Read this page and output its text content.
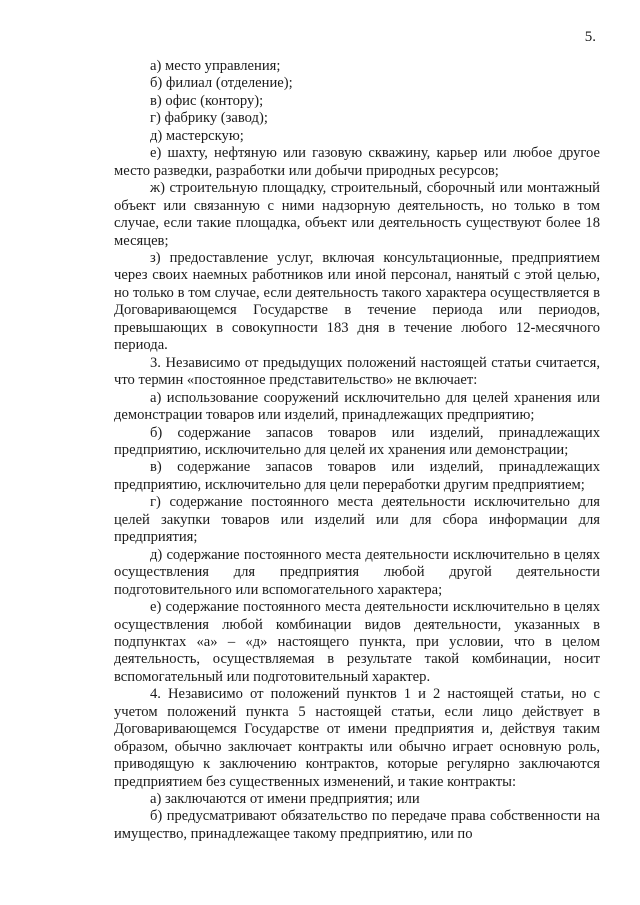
5.

а) место управления;

б) филиал (отделение);

в) офис (контору);

г) фабрику (завод);

д) мастерскую;

е) шахту, нефтяную или газовую скважину, карьер или любое другое место разведки, разработки или добычи природных ресурсов;

ж) строительную площадку, строительный, сборочный или монтажный объект или связанную с ними надзорную деятельность, но только в том случае, если такие площадка, объект или деятельность существуют более 18 месяцев;

з) предоставление услуг, включая консультационные, предприятием через своих наемных работников или иной персонал, нанятый с этой целью, но только в том случае, если деятельность такого характера осуществляется в Договаривающемся Государстве в течение периода или периодов, превышающих в совокупности 183 дня в течение любого 12-месячного периода.

3. Независимо от предыдущих положений настоящей статьи считается, что термин «постоянное представительство» не включает:

а) использование сооружений исключительно для целей хранения или демонстрации товаров или изделий, принадлежащих предприятию;

б) содержание запасов товаров или изделий, принадлежащих предприятию, исключительно для целей их хранения или демонстрации;

в) содержание запасов товаров или изделий, принадлежащих предприятию, исключительно для цели переработки другим предприятием;

г) содержание постоянного места деятельности исключительно для целей закупки товаров или изделий или для сбора информации для предприятия;

д) содержание постоянного места деятельности исключительно в целях осуществления для предприятия любой другой деятельности подготовительного или вспомогательного характера;

е) содержание постоянного места деятельности исключительно в целях осуществления любой комбинации видов деятельности, указанных в подпунктах «а» – «д» настоящего пункта, при условии, что в целом деятельность, осуществляемая в результате такой комбинации, носит вспомогательный или подготовительный характер.

4. Независимо от положений пунктов 1 и 2 настоящей статьи, но с учетом положений пункта 5 настоящей статьи, если лицо действует в Договаривающемся Государстве от имени предприятия и, действуя таким образом, обычно заключает контракты или обычно играет основную роль, приводящую к заключению контрактов, которые регулярно заключаются предприятием без существенных изменений, и такие контракты:

а) заключаются от имени предприятия; или

б) предусматривают обязательство по передаче права собственности на имущество, принадлежащее такому предприятию, или по
